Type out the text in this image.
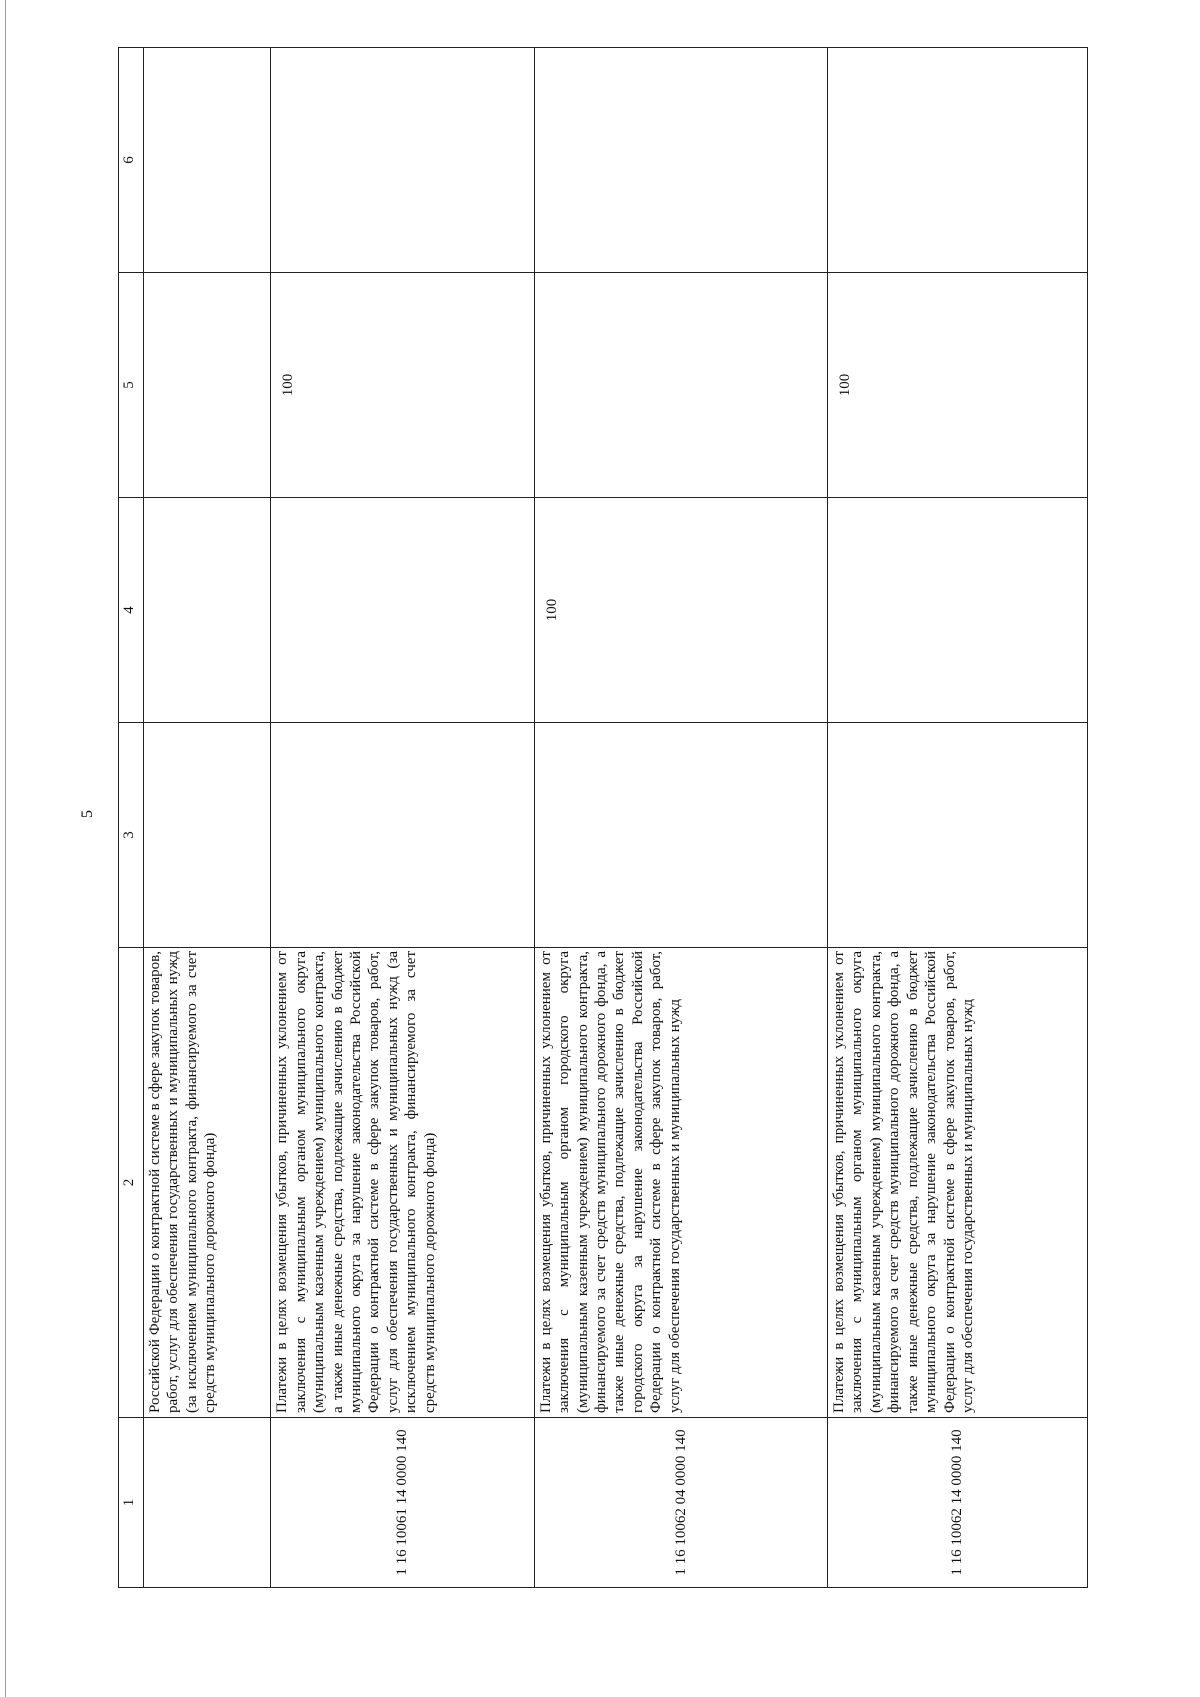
5
1	2	3	4	5	6
	Российской Федерации о контрактной системе в сфере закупок товаров, работ, услуг для обеспечения государственных и муниципальных нужд (за исключением муниципального контракта, финансируемого за счет средств муниципального дорожного фонда)				
1 16 10061 14 0000 140	Платежи в целях возмещения убытков, причиненных уклонением от заключения с муниципальным органом муниципального округа (муниципальным казенным учреждением) муниципального контракта, а также иные денежные средства, подлежащие зачислению в бюджет муниципального округа за нарушение законодательства Российской Федерации о контрактной системе в сфере закупок товаров, работ, услуг для обеспечения государственных и муниципальных нужд (за исключением муниципального контракта, финансируемого за счет средств муниципального дорожного фонда)			100	
1 16 10062 04 0000 140	Платежи в целях возмещения убытков, причиненных уклонением от заключения с муниципальным органом городского округа (муниципальным казенным учреждением) муниципального контракта, финансируемого за счет средств муниципального дорожного фонда, а также иные денежные средства, подлежащие зачислению в бюджет городского округа за нарушение законодательства Российской Федерации о контрактной системе в сфере закупок товаров, работ, услуг для обеспечения государственных и муниципальных нужд		100		
1 16 10062 14 0000 140	Платежи в целях возмещения убытков, причиненных уклонением от заключения с муниципальным органом муниципального округа (муниципальным казенным учреждением) муниципального контракта, финансируемого за счет средств муниципального дорожного фонда, а также иные денежные средства, подлежащие зачислению в бюджет муниципального округа за нарушение законодательства Российской Федерации о контрактной системе в сфере закупок товаров, работ, услуг для обеспечения государственных и муниципальных нужд			100	
